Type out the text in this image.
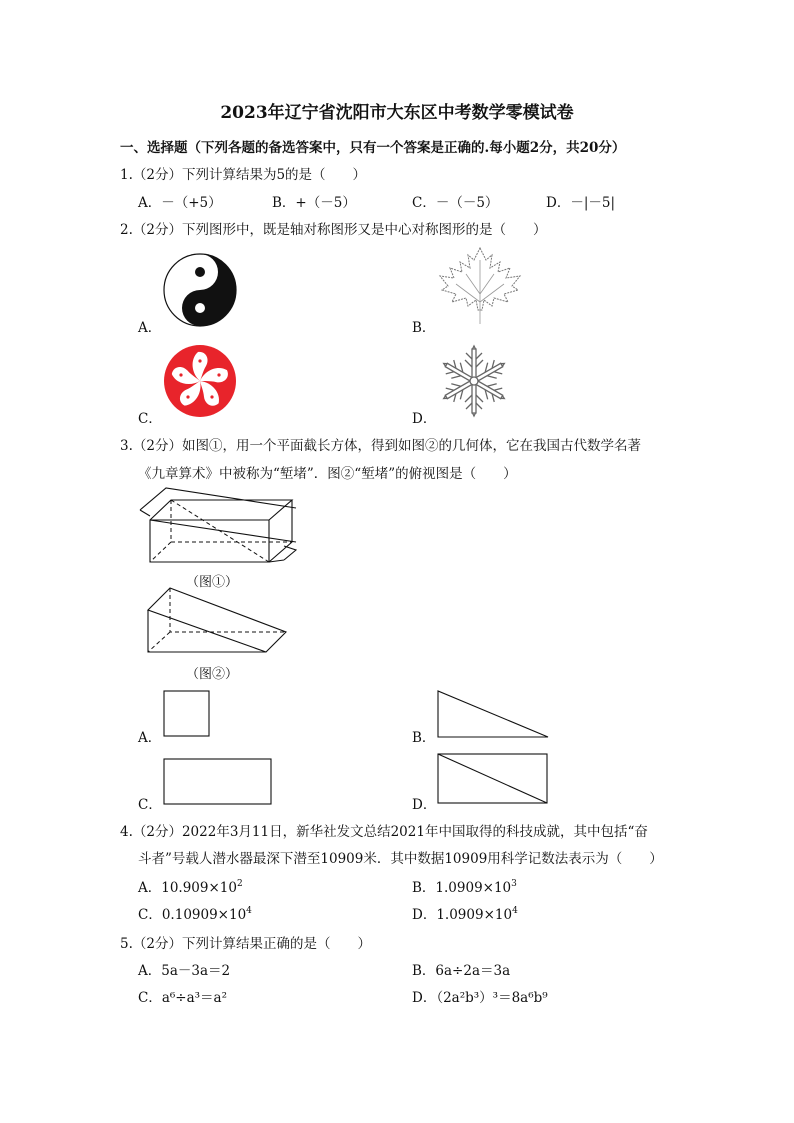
2023年辽宁省沈阳市大东区中考数学零模试卷
一、选择题（下列各题的备选答案中，只有一个答案是正确的.每小题2分，共20分）
1.（2分）下列计算结果为5的是（　　）
A．－（+5）	B．+（－5）	C．－（－5）	D．－|－5|
2.（2分）下列图形中，既是轴对称图形又是中心对称图形的是（　　）
A．	B．
C．	D．
3.（2分）如图①，用一个平面截长方体，得到如图②的几何体，它在我国古代数学名著
《九章算术》中被称为“堑堵”．图②“堑堵”的俯视图是（　　）
（图①）
（图②）
A．	B．
C．	D．
4.（2分）2022年3月11日，新华社发文总结2021年中国取得的科技成就，其中包括“奋
斗者”号载人潜水器最深下潜至10909米．其中数据10909用科学记数法表示为（　　）
A．$10.909\times 10^2$	B．$1.0909\times 10^3$
C．$0.10909\times 10^4$	D．$1.0909\times 10^4$
5.（2分）下列计算结果正确的是（　　）
A．5a－3a＝2	B．6a÷2a＝3a
C．a⁶÷a³＝a²	D．（2a²b³）³＝8a⁶b⁹
